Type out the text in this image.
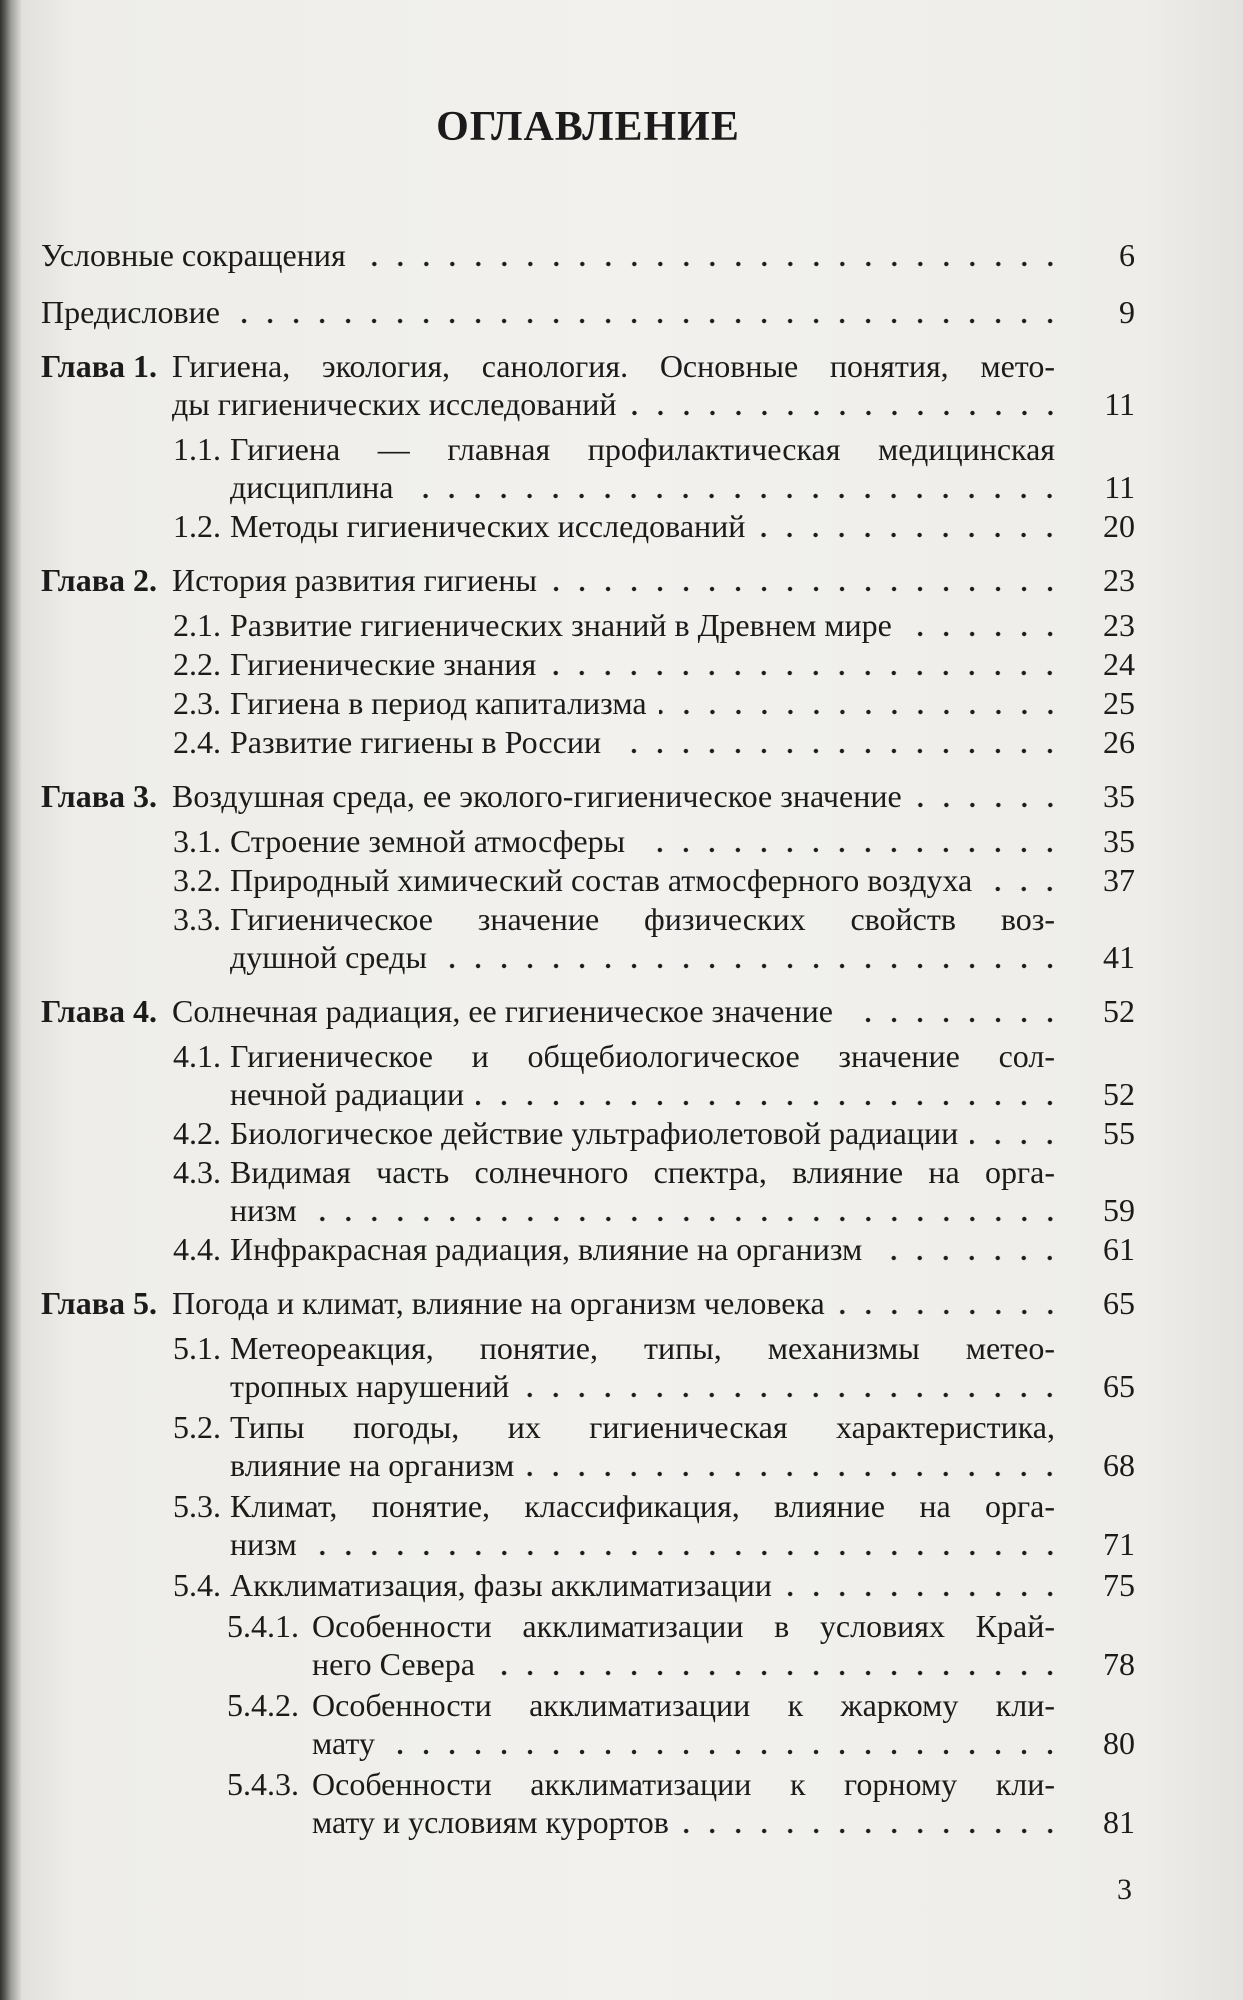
ОГЛАВЛЕНИЕ
Условные сокращения	6
Предисловие	9
Глава 1. Гигиена, экология, санология. Основные понятия, мето-
ды гигиенических исследований	11
1.1. Гигиена — главная профилактическая медицинская
дисциплина	11
1.2. Методы гигиенических исследований	20
Глава 2. История развития гигиены	23
2.1. Развитие гигиенических знаний в Древнем мире	23
2.2. Гигиенические знания	24
2.3. Гигиена в период капитализма	25
2.4. Развитие гигиены в России	26
Глава 3. Воздушная среда, ее эколого-гигиеническое значение	35
3.1. Строение земной атмосферы	35
3.2. Природный химический состав атмосферного воздуха	37
3.3. Гигиеническое значение физических свойств воз-
душной среды	41
Глава 4. Солнечная радиация, ее гигиеническое значение	52
4.1. Гигиеническое и общебиологическое значение сол-
нечной радиации	52
4.2. Биологическое действие ультрафиолетовой радиации	55
4.3. Видимая часть солнечного спектра, влияние на орга-
низм	59
4.4. Инфракрасная радиация, влияние на организм	61
Глава 5. Погода и климат, влияние на организм человека	65
5.1. Метеореакция, понятие, типы, механизмы метео-
тропных нарушений	65
5.2. Типы погоды, их гигиеническая характеристика,
влияние на организм	68
5.3. Климат, понятие, классификация, влияние на орга-
низм	71
5.4. Акклиматизация, фазы акклиматизации	75
5.4.1. Особенности акклиматизации в условиях Край-
него Севера	78
5.4.2. Особенности акклиматизации к жаркому кли-
мату	80
5.4.3. Особенности акклиматизации к горному кли-
мату и условиям курортов	81
3
